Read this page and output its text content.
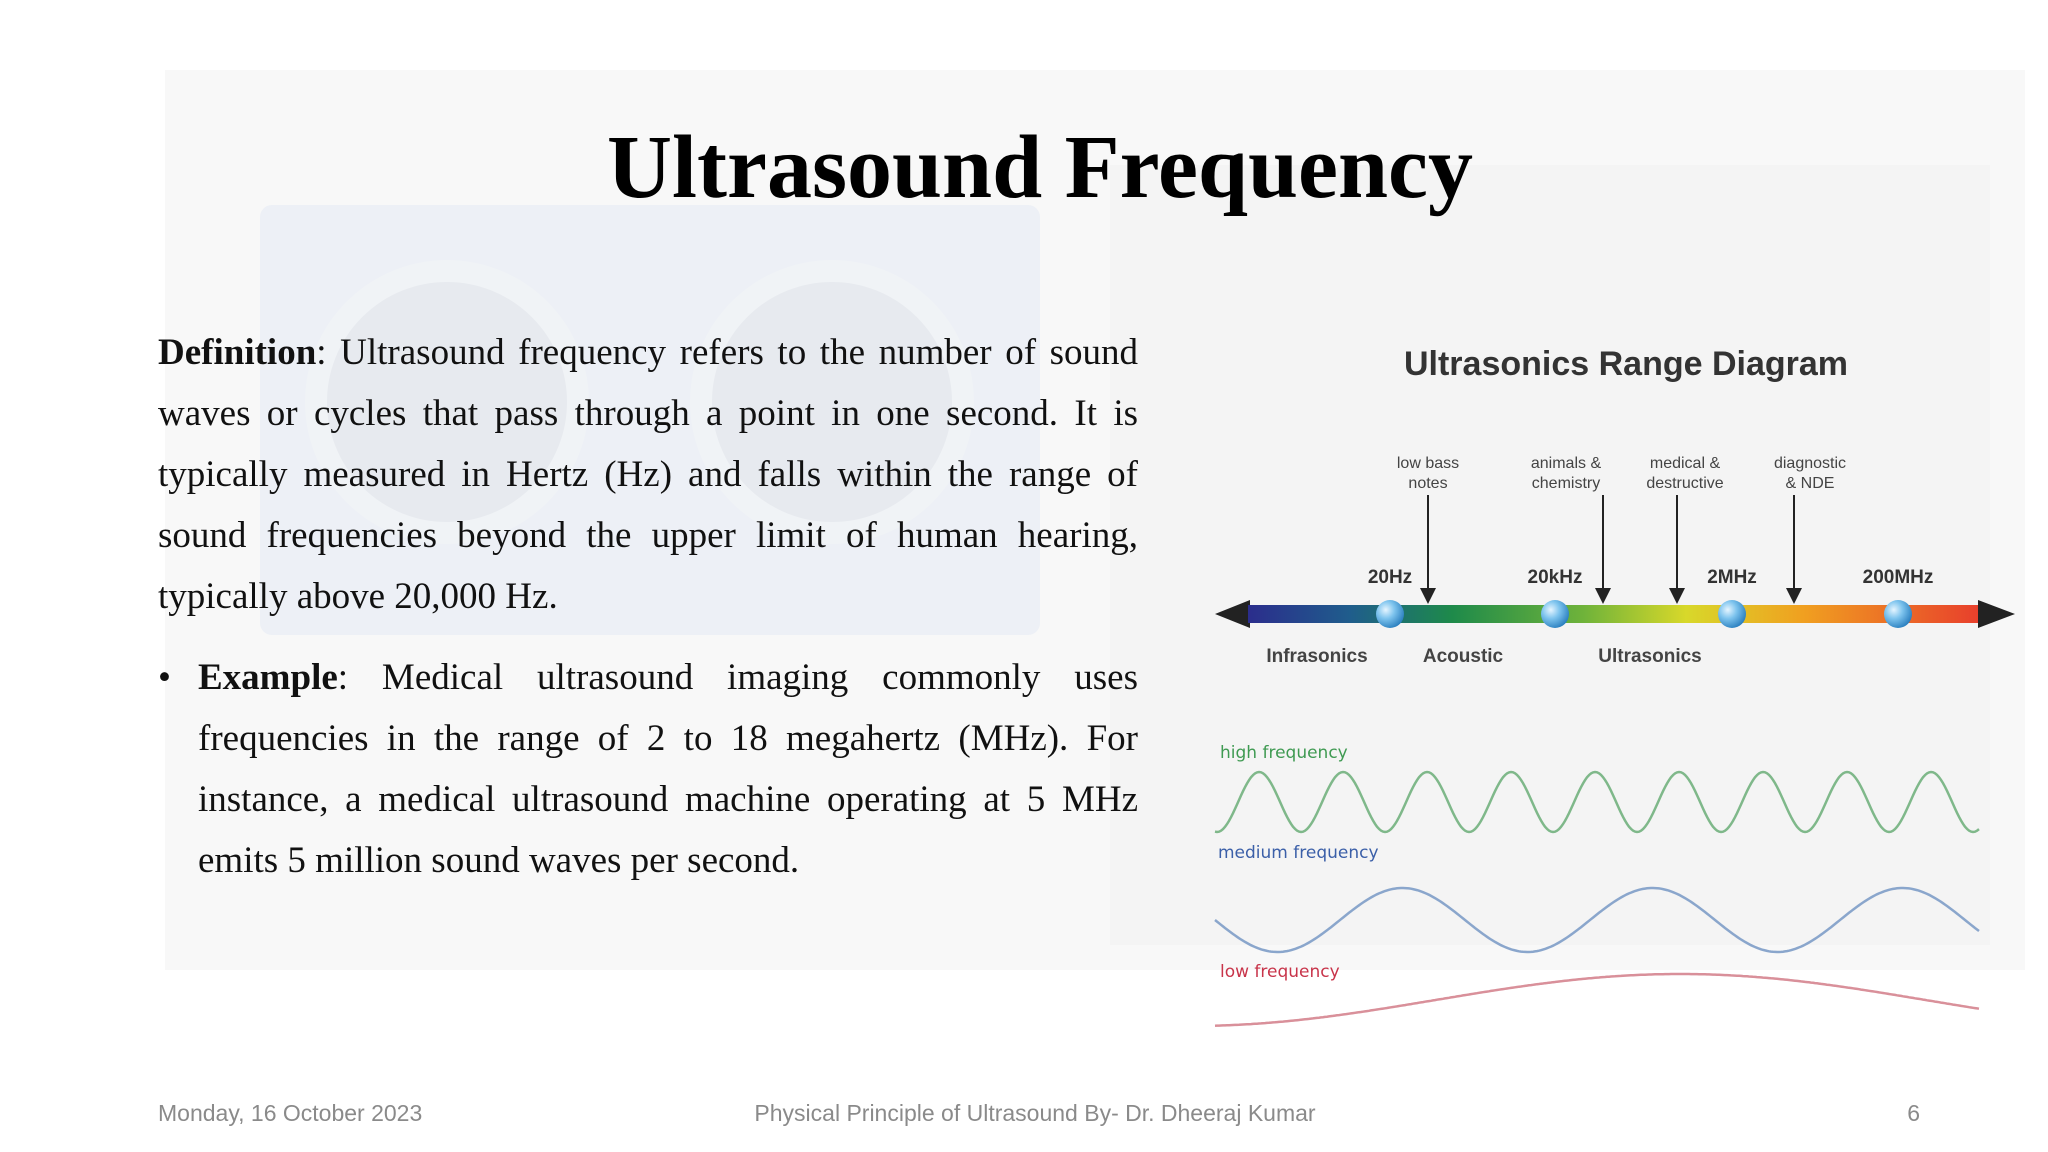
Ultrasound Frequency

Definition: Ultrasound frequency refers to the number of sound waves or cycles that pass through a point in one second. It is typically measured in Hertz (Hz) and falls within the range of sound frequencies beyond the upper limit of human hearing, typically above 20,000 Hz.

• Example: Medical ultrasound imaging commonly uses frequencies in the range of 2 to 18 megahertz (MHz). For instance, a medical ultrasound machine operating at 5 MHz emits 5 million sound waves per second.
Ultrasonics Range Diagram
low bass
notes
animals &
chemistry
medical &
destructive
diagnostic
& NDE
20Hz	20kHz	2MHz	200MHz
Infrasonics	Acoustic	Ultrasonics
high frequency
medium frequency
low frequency
Monday, 16 October 2023	Physical Principle of Ultrasound By- Dr. Dheeraj Kumar	6
